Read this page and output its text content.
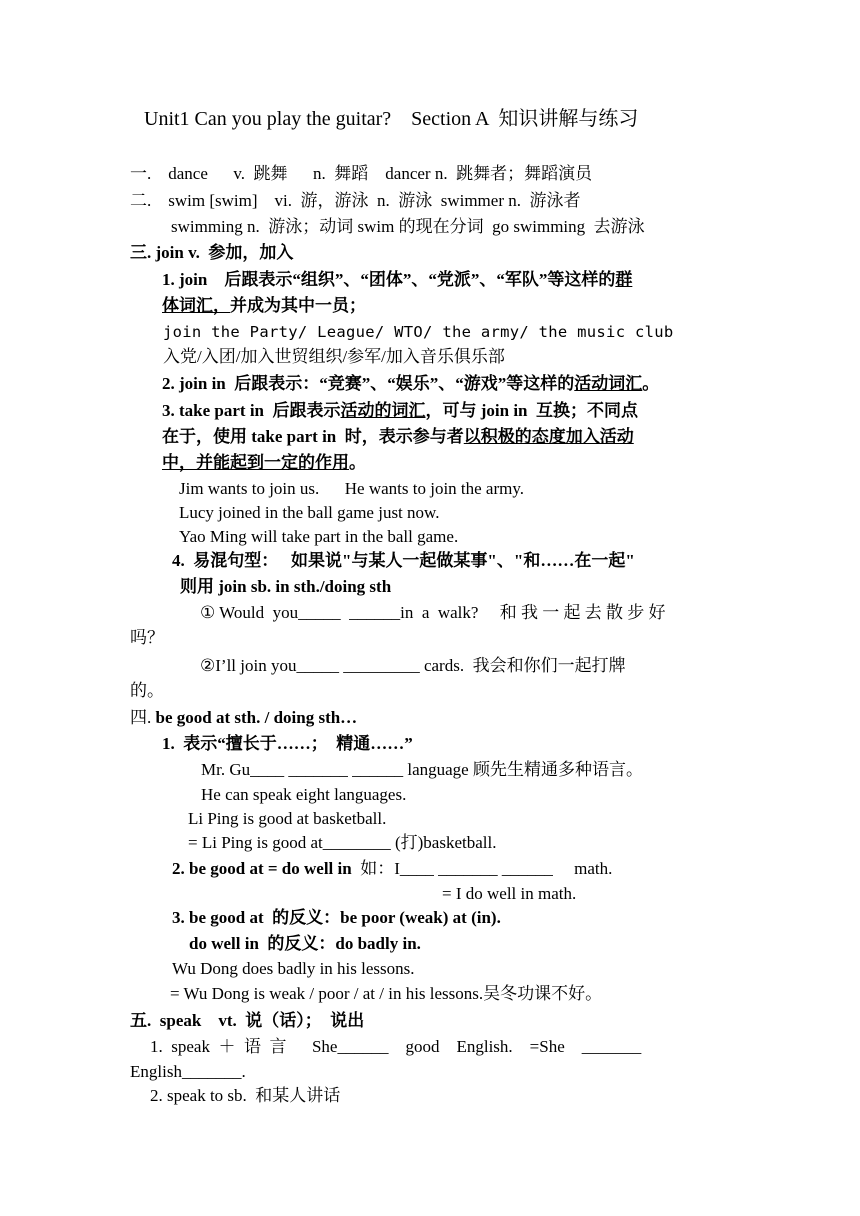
Unit1 Can you play the guitar?    Section A  知识讲解与练习
一.    dance      v.  跳舞      n.  舞蹈    dancer n.  跳舞者；舞蹈演员
二.    swim [swim]    vi.  游，游泳  n.  游泳  swimmer n.  游泳者
swimming n.  游泳；动词 swim 的现在分词  go swimming  去游泳
三. join v.  参加，加入
1. join    后跟表示“组织”、“团体”、“党派”、“军队”等这样的群
体词汇，并成为其中一员；
join the Party/ League/ WTO/ the army/ the music club
入党/入团/加入世贸组织/参军/加入音乐俱乐部
2. join in  后跟表示：“竞赛”、“娱乐”、“游戏”等这样的活动词汇。
3. take part in  后跟表示活动的词汇，可与 join in  互换；不同点
在于，使用 take part in  时，表示参与者以积极的态度加入活动
中，并能起到一定的作用。
Jim wants to join us.      He wants to join the army.
Lucy joined in the ball game just now.
Yao Ming will take part in the ball game.
4.  易混句型：   如果说"与某人一起做某事"、"和……在一起"
则用 join sb. in sth./doing sth
① Would  you_____  ______in  a  walk?     和 我 一 起 去 散 步 好
吗？
②I’ll join you_____ _________ cards.  我会和你们一起打牌
的。
四. be good at sth. / doing sth…
1.  表示“擅长于……；  精通……”
Mr. Gu____ _______ ______ language 顾先生精通多种语言。
He can speak eight languages.
Li Ping is good at basketball.
= Li Ping is good at________ (打)basketball.
2. be good at = do well in  如：I____ _______ ______     math.
= I do well in math.
3. be good at  的反义：be poor (weak) at (in).
do well in  的反义：do badly in.
Wu Dong does badly in his lessons.
= Wu Dong is weak / poor / at / in his lessons.吴冬功课不好。
五.  speak    vt.  说（话）；  说出
1.  speak  ＋  语  言      She______    good    English.    =She    _______
English_______.
2. speak to sb.  和某人讲话
